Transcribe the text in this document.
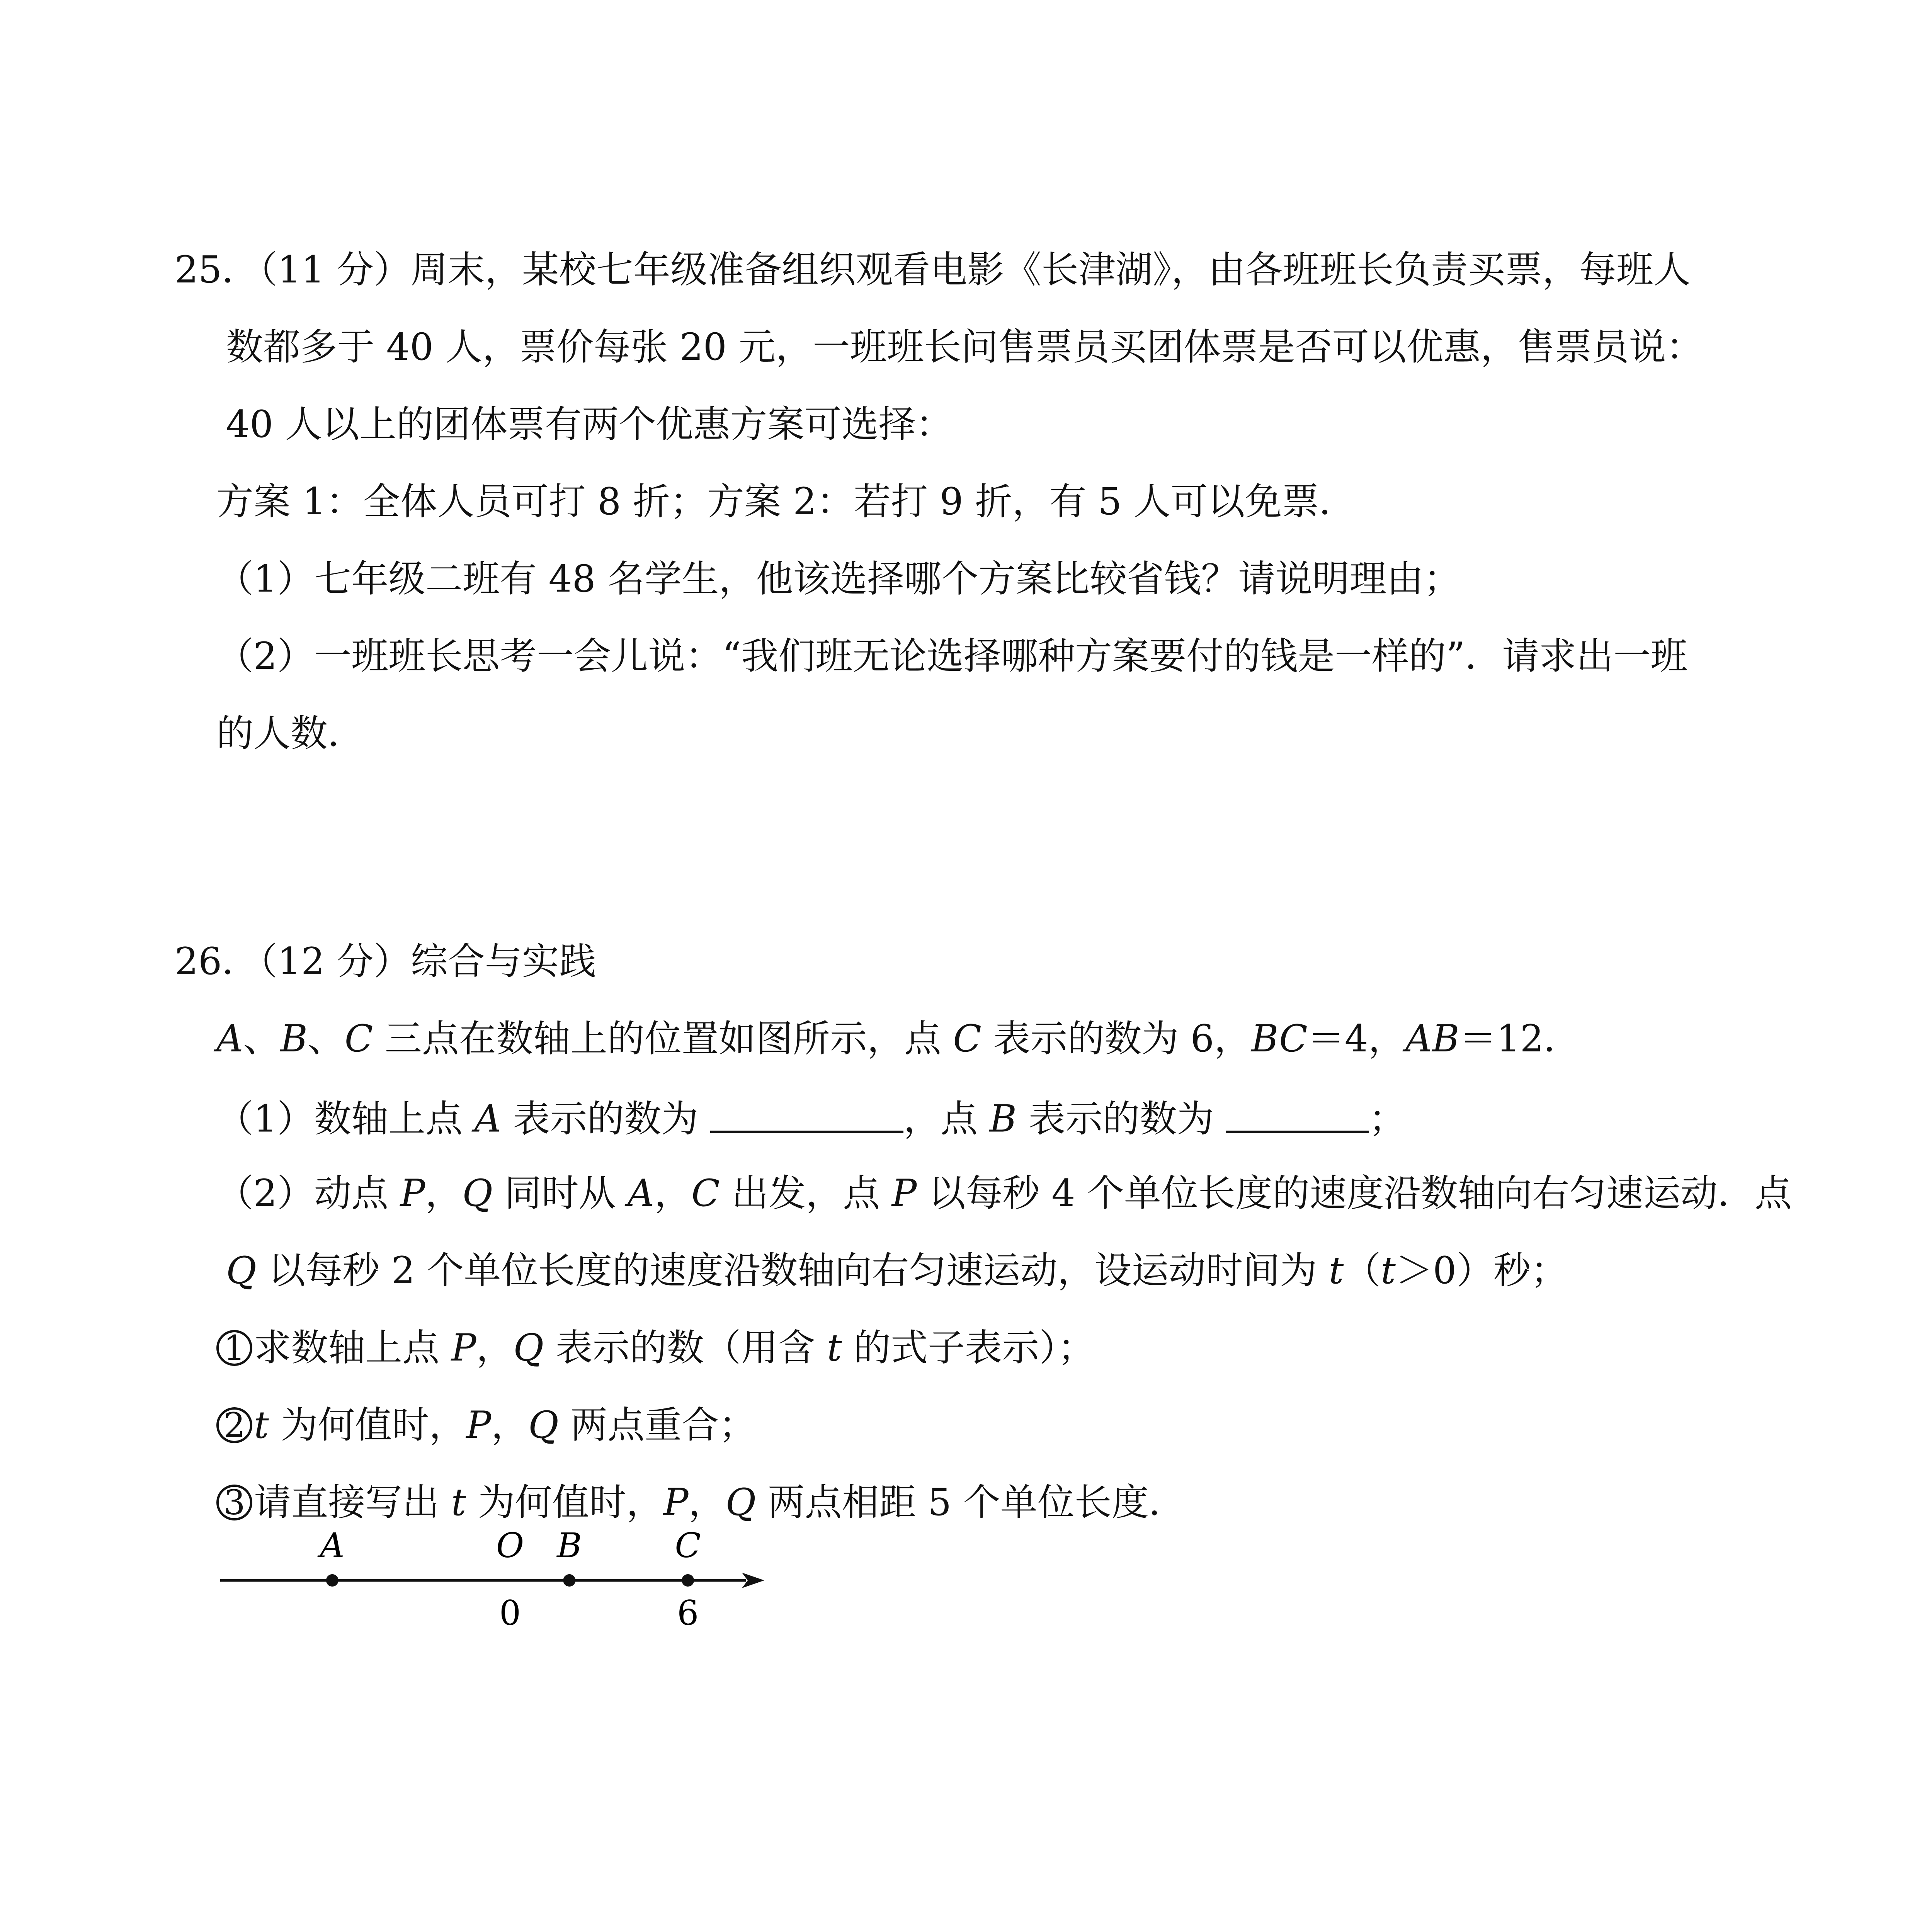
25．（11 分）周末，某校七年级准备组织观看电影《长津湖》，由各班班长负责买票，每班人
数都多于 40 人，票价每张 20 元，一班班长问售票员买团体票是否可以优惠，售票员说：
40 人以上的团体票有两个优惠方案可选择：
方案 1：全体人员可打 8 折；方案 2：若打 9 折，有 5 人可以免票．
（1）七年级二班有 48 名学生，他该选择哪个方案比较省钱？请说明理由；
（2）一班班长思考一会儿说：“我们班无论选择哪种方案要付的钱是一样的”．请求出一班
的人数．
26．（12 分）综合与实践
A、B、C 三点在数轴上的位置如图所示，点 C 表示的数为 6，BC＝4，AB＝12．
（1）数轴上点 A 表示的数为	，点 B 表示的数为	；
（2）动点 P，Q 同时从 A，C 出发，点 P 以每秒 4 个单位长度的速度沿数轴向右匀速运动．点
Q 以每秒 2 个单位长度的速度沿数轴向右匀速运动，设运动时间为 t（t＞0）秒；
1 求数轴上点 P，Q 表示的数（用含 t 的式子表示）；
2 t 为何值时，P，Q 两点重合；
3 请直接写出 t 为何值时，P，Q 两点相距 5 个单位长度．
A	O B	C
0	6
